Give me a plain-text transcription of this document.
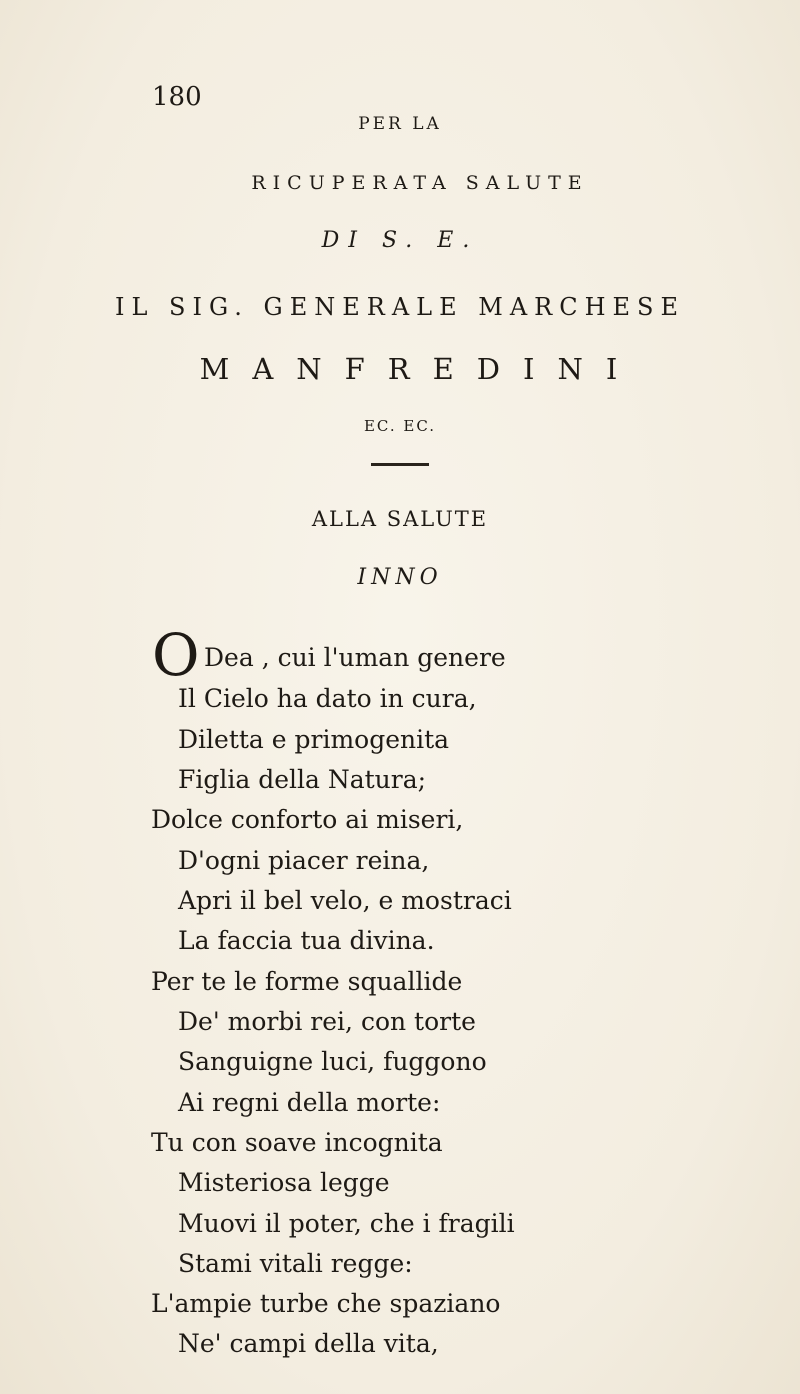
180
PER LA
RICUPERATA SALUTE
DI S. E.
IL SIG. GENERALE MARCHESE
MANFREDINI
EC. EC.
ALLA SALUTE
INNO
O Dea , cui l'uman genere
Il Cielo ha dato in cura,
Diletta e primogenita
Figlia della Natura;
Dolce conforto ai miseri,
D'ogni piacer reina,
Apri il bel velo, e mostraci
La faccia tua divina.
Per te le forme squallide
De' morbi rei, con torte
Sanguigne luci, fuggono
Ai regni della morte:
Tu con soave incognita
Misteriosa legge
Muovi il poter, che i fragili
Stami vitali regge:
L'ampie turbe che spaziano
Ne' campi della vita,
